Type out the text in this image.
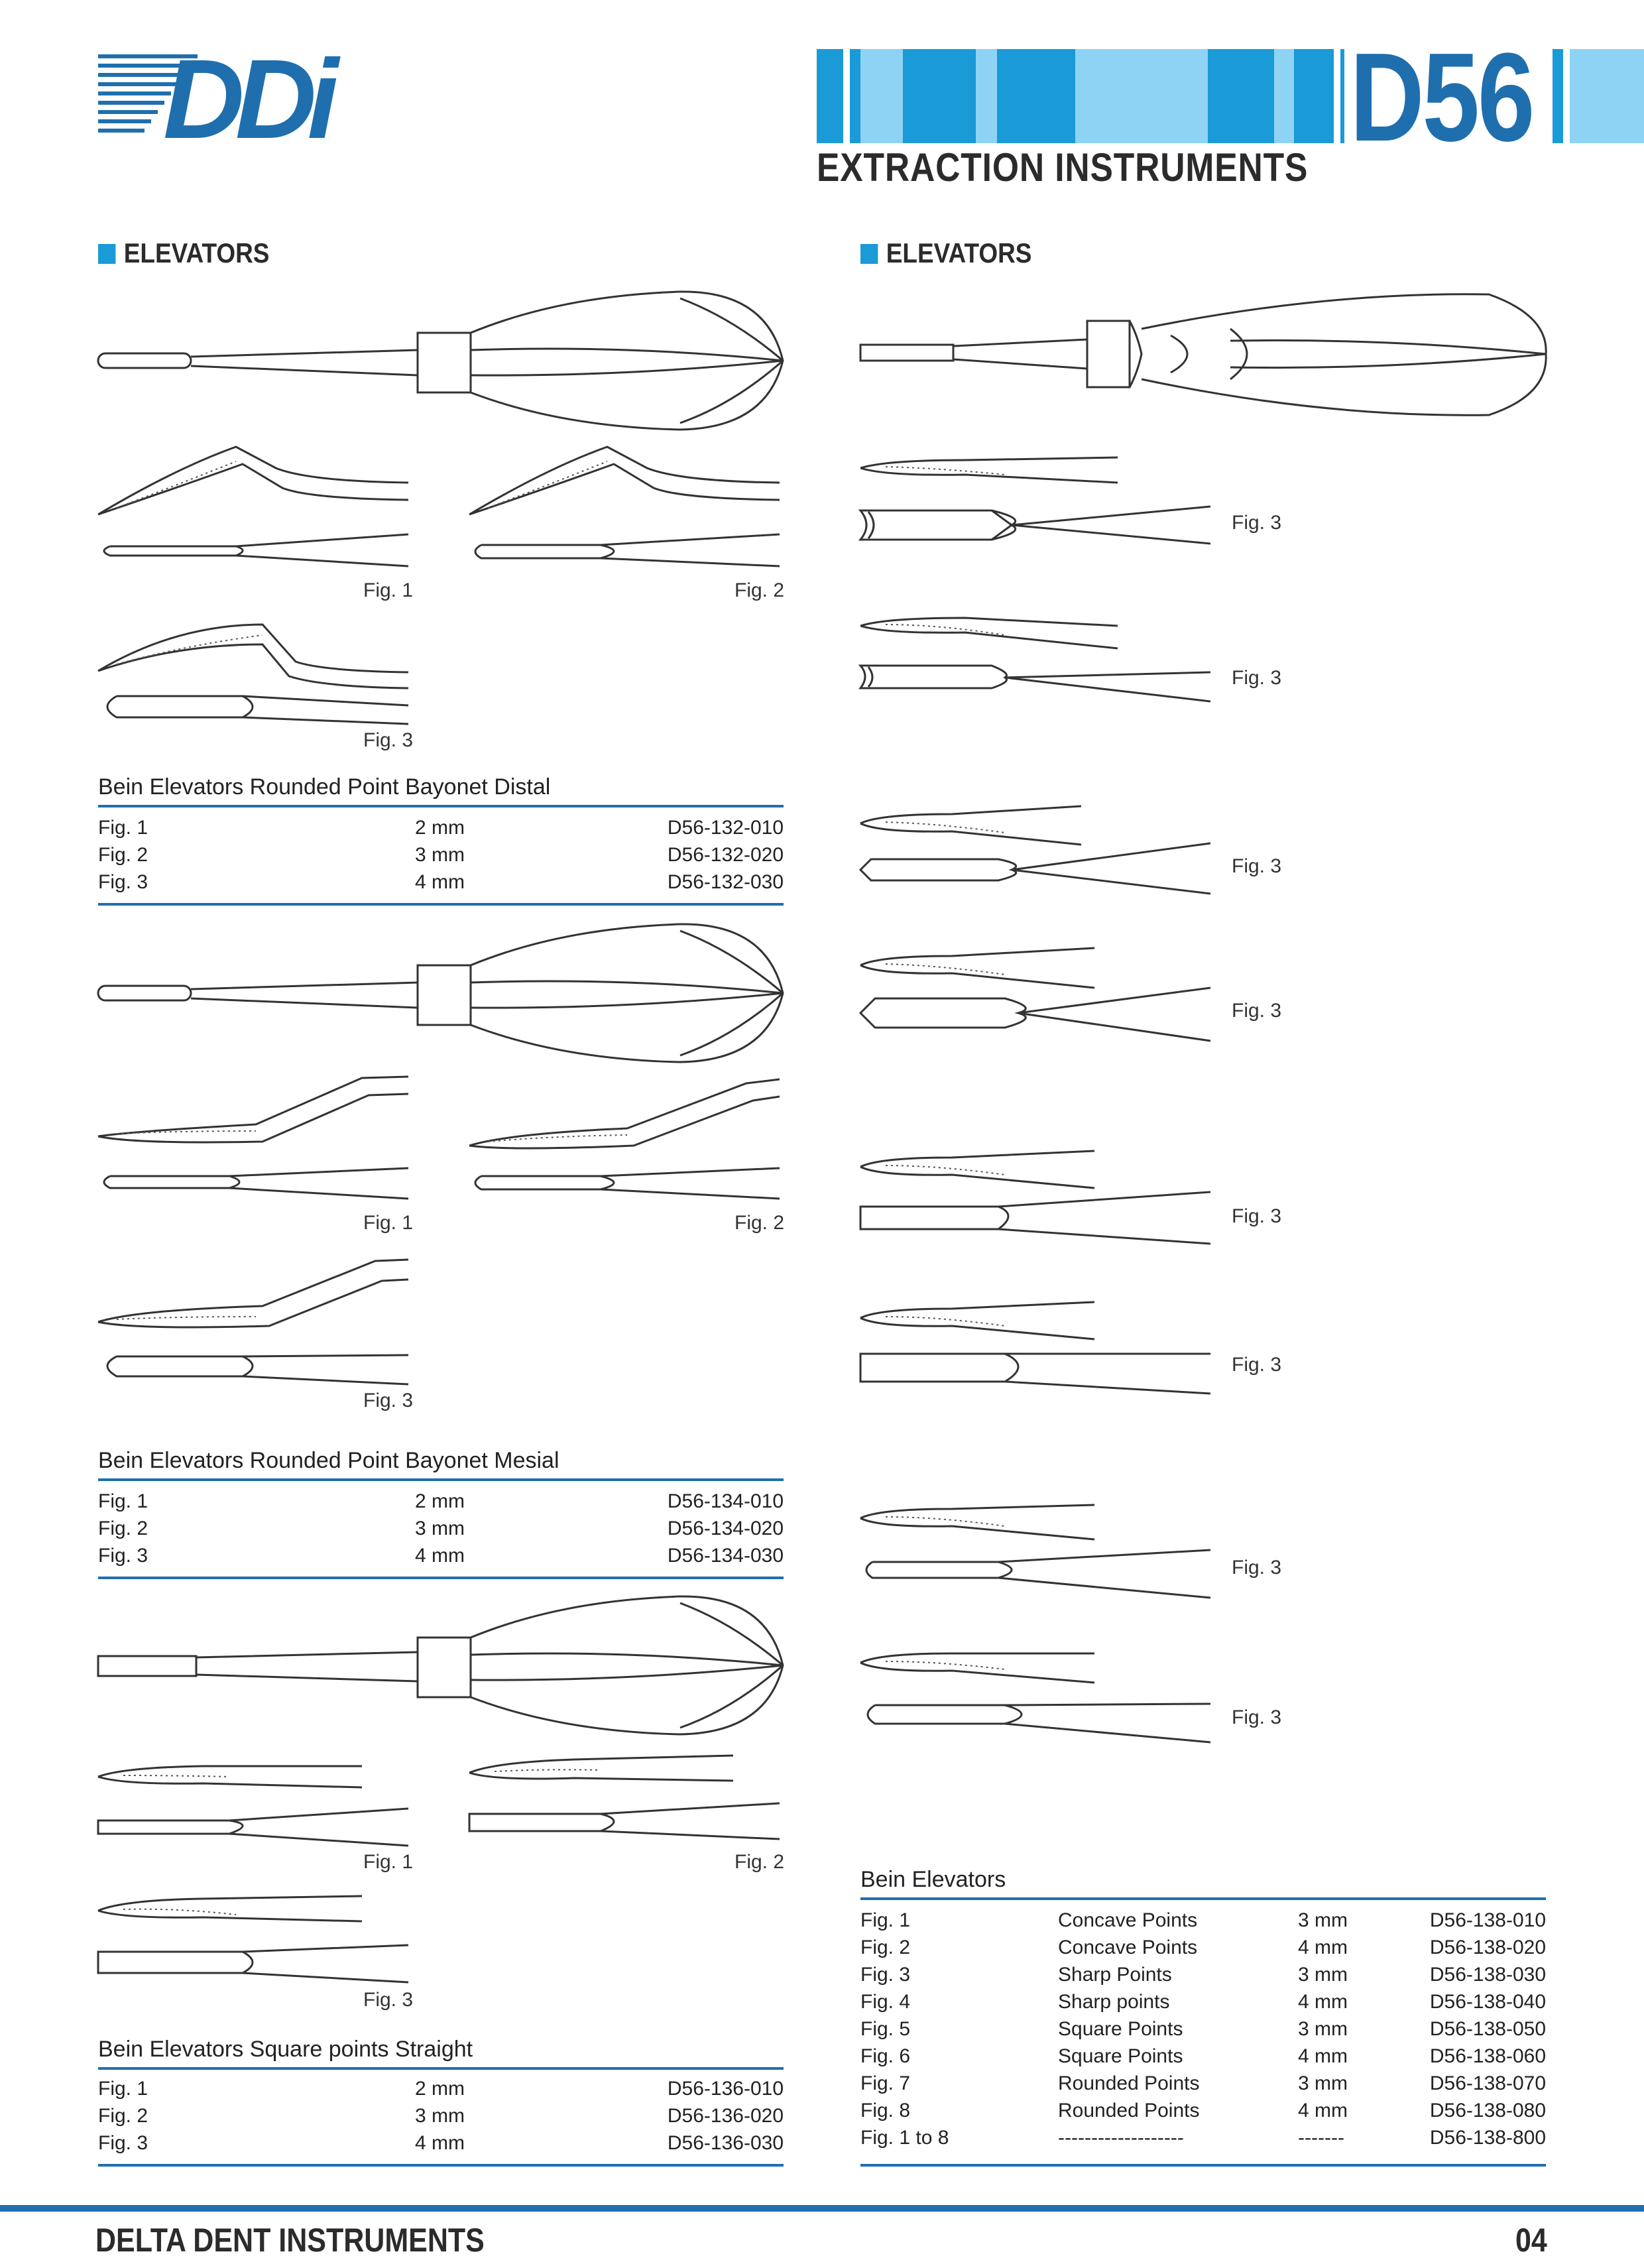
DDi	D56
EXTRACTION INSTRUMENTS
ELEVATORS	ELEVATORS
Fig. 1	Fig. 2
Fig. 3
Bein Elevators Rounded Point Bayonet Distal
Fig. 1	2 mm	D56-132-010
Fig. 2	3 mm	D56-132-020
Fig. 3	4 mm	D56-132-030
Fig. 1	Fig. 2
Fig. 3
Bein Elevators Rounded Point Bayonet Mesial
Fig. 1	2 mm	D56-134-010
Fig. 2	3 mm	D56-134-020
Fig. 3	4 mm	D56-134-030
Fig. 1	Fig. 2
Fig. 3
Bein Elevators Square points Straight
Fig. 1	2 mm	D56-136-010
Fig. 2	3 mm	D56-136-020
Fig. 3	4 mm	D56-136-030
Fig. 3
Fig. 3
Fig. 3
Fig. 3
Fig. 3
Fig. 3
Fig. 3
Fig. 3
Bein Elevators
Fig. 1	Concave Points	3 mm	D56-138-010
Fig. 2	Concave Points	4 mm	D56-138-020
Fig. 3	Sharp Points	3 mm	D56-138-030
Fig. 4	Sharp points	4 mm	D56-138-040
Fig. 5	Square Points	3 mm	D56-138-050
Fig. 6	Square Points	4 mm	D56-138-060
Fig. 7	Rounded Points	3 mm	D56-138-070
Fig. 8	Rounded Points	4 mm	D56-138-080
Fig. 1 to 8	-------------------	-------	D56-138-800
DELTA DENT INSTRUMENTS	04
